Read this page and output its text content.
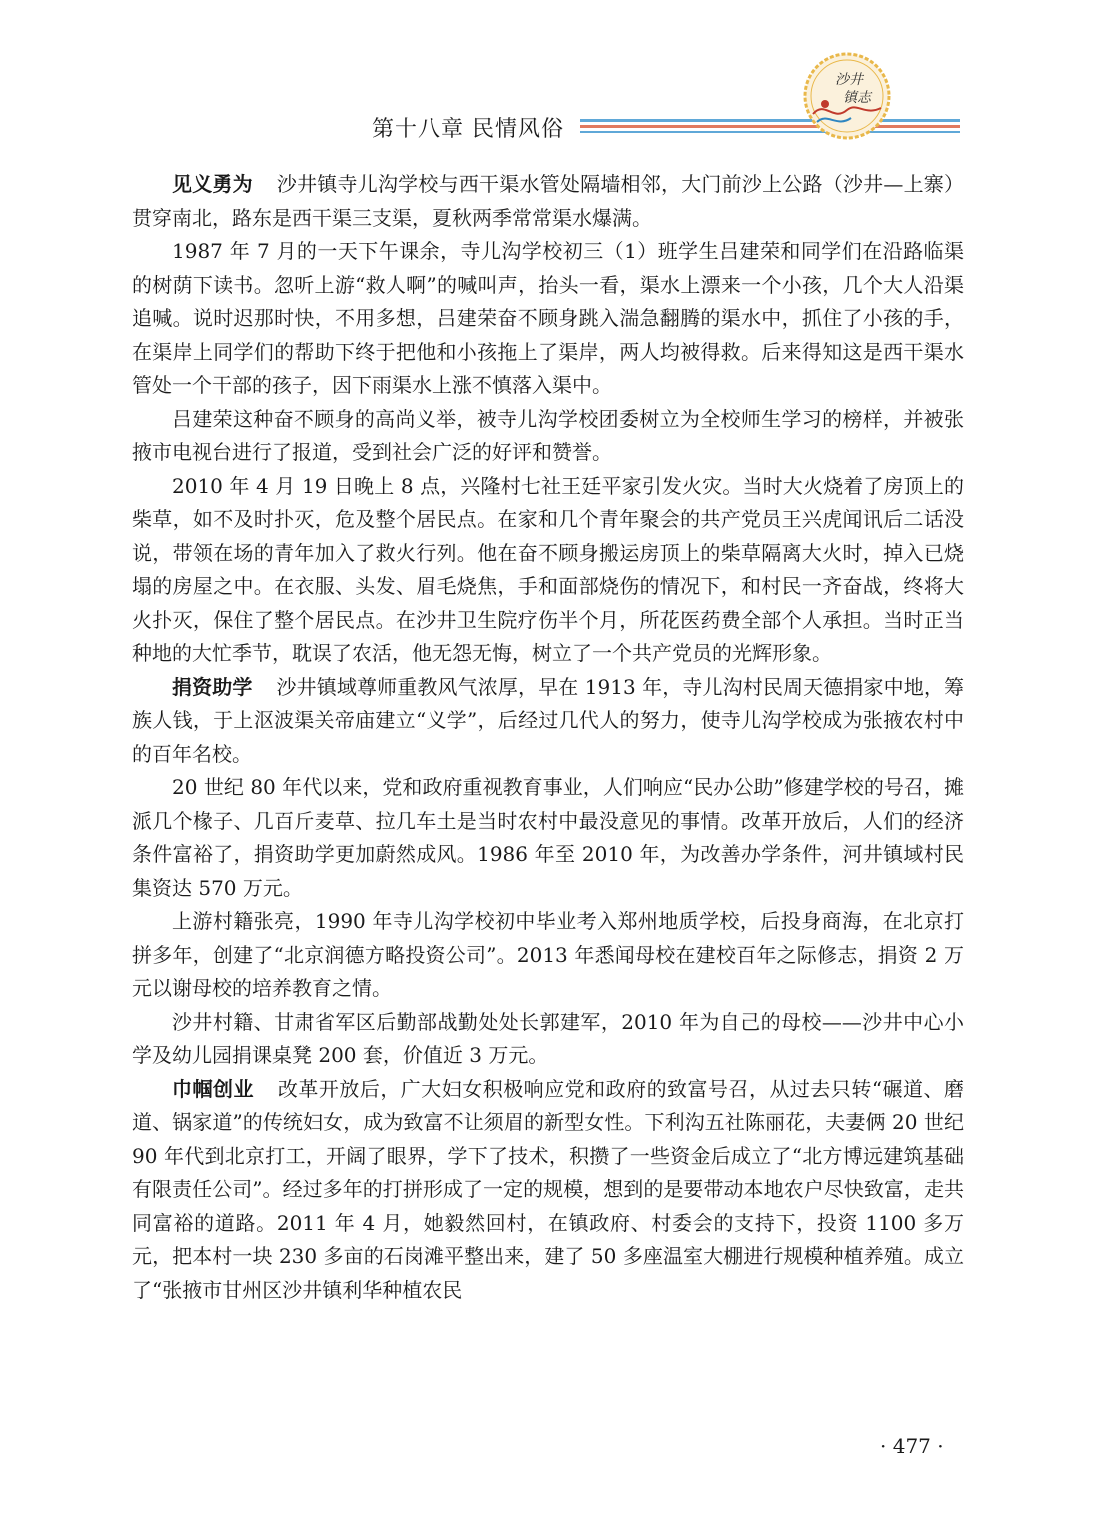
第十八章 民情风俗
沙井
镇志

见义勇为 沙井镇寺儿沟学校与西干渠水管处隔墙相邻，大门前沙上公路（沙井—上寨）贯穿南北，路东是西干渠三支渠，夏秋两季常常渠水爆满。

1987 年 7 月的一天下午课余，寺儿沟学校初三（1）班学生吕建荣和同学们在沿路临渠的树荫下读书。忽听上游“救人啊”的喊叫声，抬头一看，渠水上漂来一个小孩，几个大人沿渠追喊。说时迟那时快，不用多想，吕建荣奋不顾身跳入湍急翻腾的渠水中，抓住了小孩的手，在渠岸上同学们的帮助下终于把他和小孩拖上了渠岸，两人均被得救。后来得知这是西干渠水管处一个干部的孩子，因下雨渠水上涨不慎落入渠中。

吕建荣这种奋不顾身的高尚义举，被寺儿沟学校团委树立为全校师生学习的榜样，并被张掖市电视台进行了报道，受到社会广泛的好评和赞誉。

2010 年 4 月 19 日晚上 8 点，兴隆村七社王廷平家引发火灾。当时大火烧着了房顶上的柴草，如不及时扑灭，危及整个居民点。在家和几个青年聚会的共产党员王兴虎闻讯后二话没说，带领在场的青年加入了救火行列。他在奋不顾身搬运房顶上的柴草隔离大火时，掉入已烧塌的房屋之中。在衣服、头发、眉毛烧焦，手和面部烧伤的情况下，和村民一齐奋战，终将大火扑灭，保住了整个居民点。在沙井卫生院疗伤半个月，所花医药费全部个人承担。当时正当种地的大忙季节，耽误了农活，他无怨无悔，树立了一个共产党员的光辉形象。

捐资助学 沙井镇域尊师重教风气浓厚，早在 1913 年，寺儿沟村民周天德捐家中地，筹族人钱，于上沤波渠关帝庙建立“义学”，后经过几代人的努力，使寺儿沟学校成为张掖农村中的百年名校。

20 世纪 80 年代以来，党和政府重视教育事业，人们响应“民办公助”修建学校的号召，摊派几个椽子、几百斤麦草、拉几车土是当时农村中最没意见的事情。改革开放后，人们的经济条件富裕了，捐资助学更加蔚然成风。1986 年至 2010 年，为改善办学条件，河井镇域村民集资达 570 万元。

上游村籍张亮，1990 年寺儿沟学校初中毕业考入郑州地质学校，后投身商海，在北京打拼多年，创建了“北京润德方略投资公司”。2013 年悉闻母校在建校百年之际修志，捐资 2 万元以谢母校的培养教育之情。

沙井村籍、甘肃省军区后勤部战勤处处长郭建军，2010 年为自己的母校——沙井中心小学及幼儿园捐课桌凳 200 套，价值近 3 万元。

巾帼创业 改革开放后，广大妇女积极响应党和政府的致富号召，从过去只转“碾道、磨道、锅家道”的传统妇女，成为致富不让须眉的新型女性。下利沟五社陈丽花，夫妻俩 20 世纪 90 年代到北京打工，开阔了眼界，学下了技术，积攒了一些资金后成立了“北方博远建筑基础有限责任公司”。经过多年的打拼形成了一定的规模，想到的是要带动本地农户尽快致富，走共同富裕的道路。2011 年 4 月，她毅然回村，在镇政府、村委会的支持下，投资 1100 多万元，把本村一块 230 多亩的石岗滩平整出来，建了 50 多座温室大棚进行规模种植养殖。成立了“张掖市甘州区沙井镇利华种植农民

· 477 ·
